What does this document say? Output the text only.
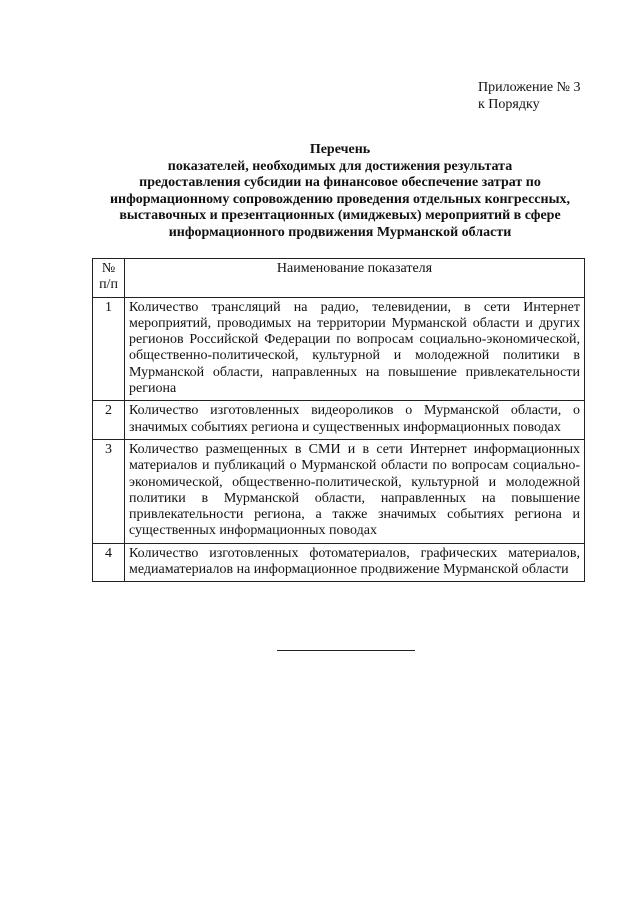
Приложение № 3
к Порядку
Перечень
показателей, необходимых для достижения результата
предоставления субсидии на финансовое обеспечение затрат по
информационному сопровождению проведения отдельных конгрессных,
выставочных и презентационных (имиджевых) мероприятий в сфере
информационного продвижения Мурманской области
№
п/п	Наименование показателя
1	Количество трансляций на радио, телевидении, в сети Интернет мероприятий, проводимых на территории Мурманской области и других регионов Российской Федерации по вопросам социально-экономической, общественно-политической, культурной и молодежной политики в Мурманской области, направленных на повышение привлекательности региона
2	Количество изготовленных видеороликов о Мурманской области, о значимых событиях региона и существенных информационных поводах
3	Количество размещенных в СМИ и в сети Интернет информационных материалов и публикаций о Мурманской области по вопросам социально-экономической, общественно-политической, культурной и молодежной политики в Мурманской области, направленных на повышение привлекательности региона, а также значимых событиях региона и существенных информационных поводах
4	Количество изготовленных фотоматериалов, графических материалов, медиаматериалов на информационное продвижение Мурманской области
